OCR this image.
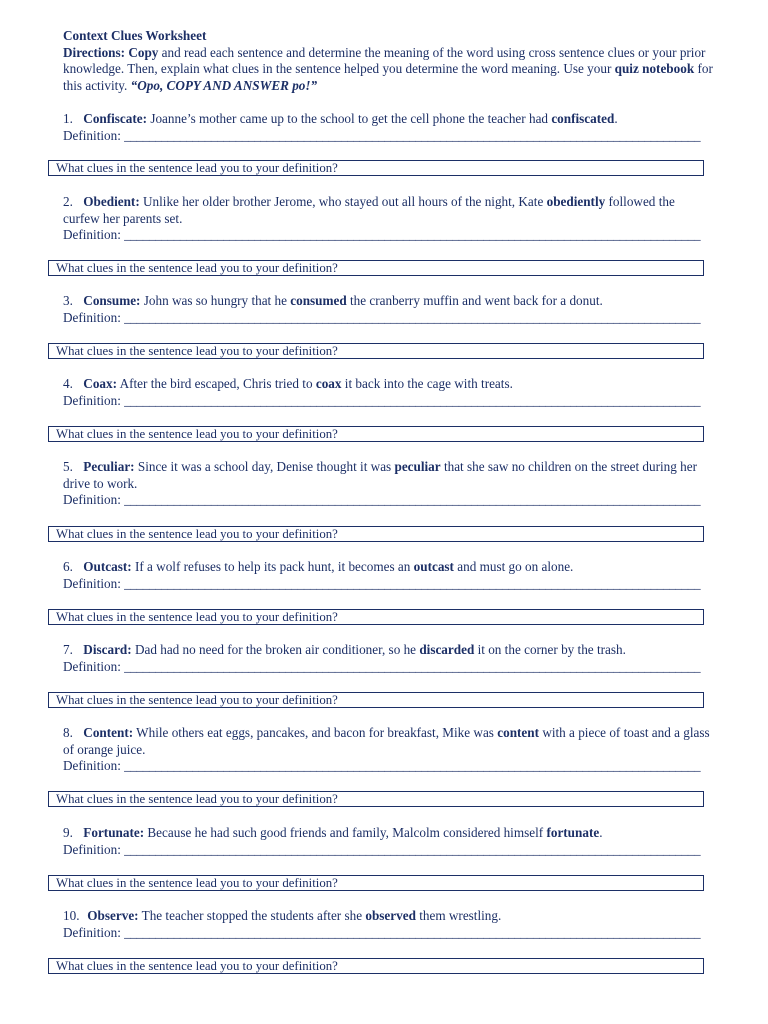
Context Clues Worksheet
Directions: Copy and read each sentence and determine the meaning of the word using cross sentence clues or your prior knowledge. Then, explain what clues in the sentence helped you determine the word meaning. Use your quiz notebook for this activity. “Opo, COPY AND ANSWER po!”
1. Confiscate: Joanne’s mother came up to the school to get the cell phone the teacher had confiscated.
Definition: _____________________________________________________________________________________________
What clues in the sentence lead you to your definition?
2. Obedient: Unlike her older brother Jerome, who stayed out all hours of the night, Kate obediently followed the curfew her parents set.
Definition: _____________________________________________________________________________________________
What clues in the sentence lead you to your definition?
3. Consume: John was so hungry that he consumed the cranberry muffin and went back for a donut.
Definition: _____________________________________________________________________________________________
What clues in the sentence lead you to your definition?
4. Coax: After the bird escaped, Chris tried to coax it back into the cage with treats.
Definition: _____________________________________________________________________________________________
What clues in the sentence lead you to your definition?
5. Peculiar: Since it was a school day, Denise thought it was peculiar that she saw no children on the street during her drive to work.
Definition: _____________________________________________________________________________________________
What clues in the sentence lead you to your definition?
6. Outcast: If a wolf refuses to help its pack hunt, it becomes an outcast and must go on alone.
Definition: _____________________________________________________________________________________________
What clues in the sentence lead you to your definition?
7. Discard: Dad had no need for the broken air conditioner, so he discarded it on the corner by the trash.
Definition: _____________________________________________________________________________________________
What clues in the sentence lead you to your definition?
8. Content: While others eat eggs, pancakes, and bacon for breakfast, Mike was content with a piece of toast and a glass of orange juice.
Definition: _____________________________________________________________________________________________
What clues in the sentence lead you to your definition?
9. Fortunate: Because he had such good friends and family, Malcolm considered himself fortunate.
Definition: _____________________________________________________________________________________________
What clues in the sentence lead you to your definition?
10. Observe: The teacher stopped the students after she observed them wrestling.
Definition: _____________________________________________________________________________________________
What clues in the sentence lead you to your definition?
